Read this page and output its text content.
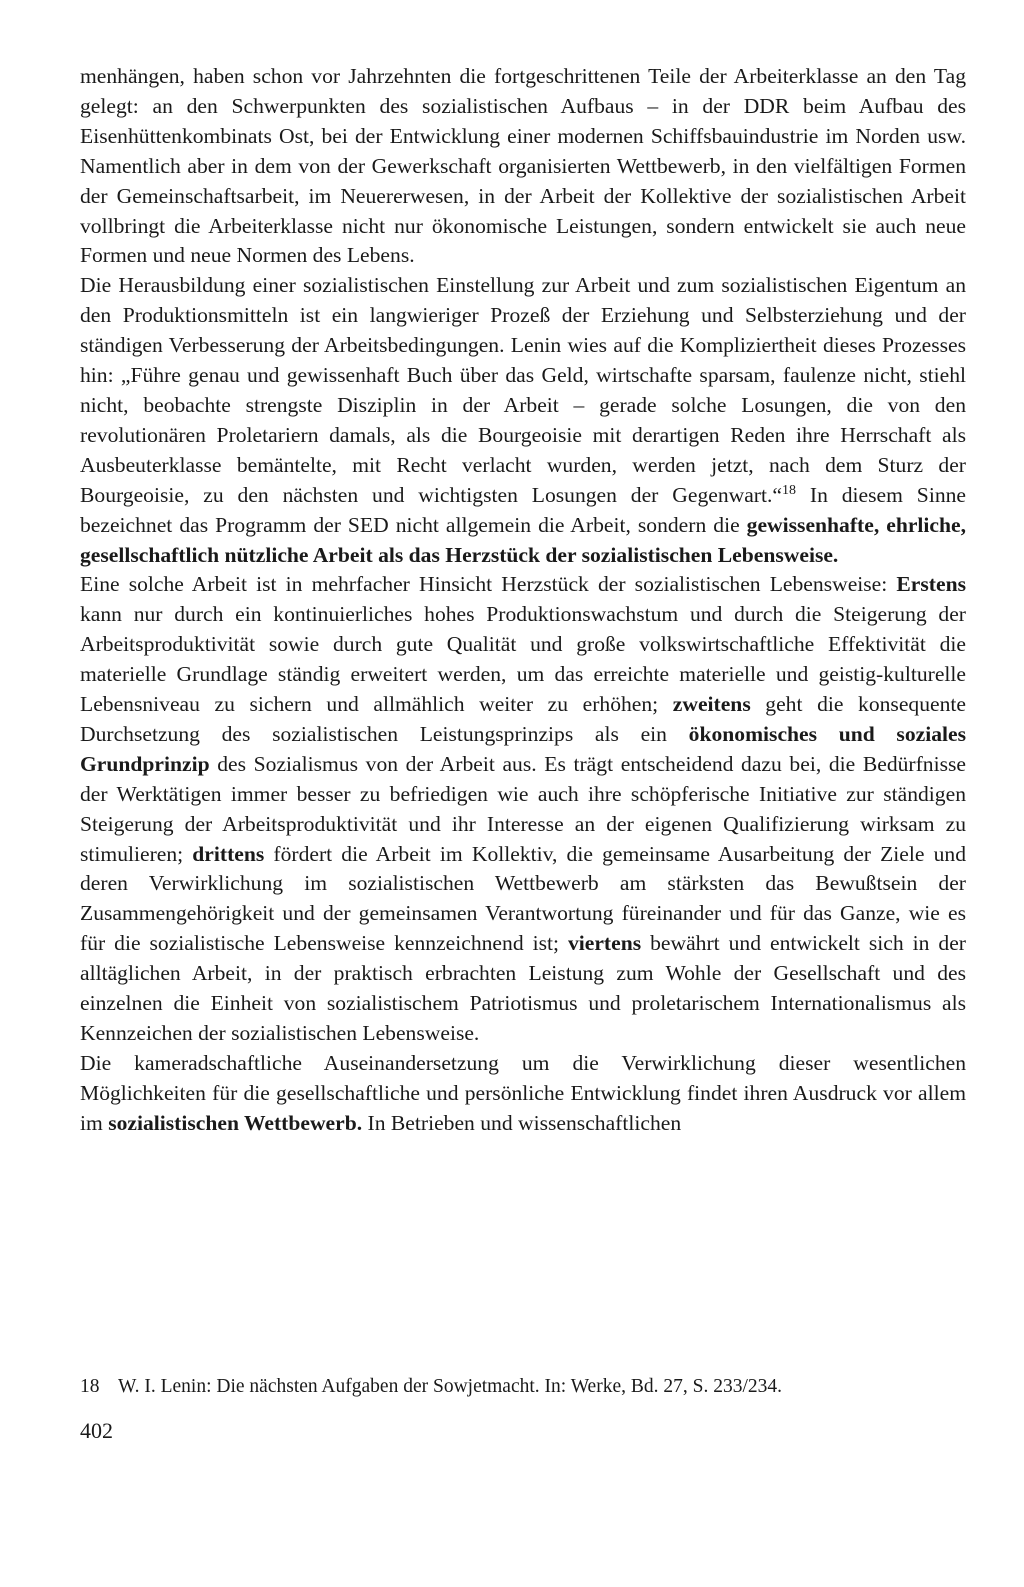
menhängen, haben schon vor Jahrzehnten die fortgeschrittenen Teile der Arbeiterklasse an den Tag gelegt: an den Schwerpunkten des sozialistischen Aufbaus – in der DDR beim Aufbau des Eisenhüttenkombinats Ost, bei der Entwicklung einer modernen Schiffsbauindustrie im Norden usw. Namentlich aber in dem von der Gewerkschaft organisierten Wettbewerb, in den vielfältigen Formen der Gemeinschaftsarbeit, im Neuererwesen, in der Arbeit der Kollektive der sozialistischen Arbeit vollbringt die Arbeiterklasse nicht nur ökonomische Leistungen, sondern entwickelt sie auch neue Formen und neue Normen des Lebens.

Die Herausbildung einer sozialistischen Einstellung zur Arbeit und zum sozialistischen Eigentum an den Produktionsmitteln ist ein langwieriger Prozeß der Erziehung und Selbsterziehung und der ständigen Verbesserung der Arbeitsbedingungen. Lenin wies auf die Kompliziertheit dieses Prozesses hin: „Führe genau und gewissenhaft Buch über das Geld, wirtschafte sparsam, faulenze nicht, stiehl nicht, beobachte strengste Disziplin in der Arbeit – gerade solche Losungen, die von den revolutionären Proletariern damals, als die Bourgeoisie mit derartigen Reden ihre Herrschaft als Ausbeuterklasse bemäntelte, mit Recht verlacht wurden, werden jetzt, nach dem Sturz der Bourgeoisie, zu den nächsten und wichtigsten Losungen der Gegenwart.“$^{18}$ In diesem Sinne bezeichnet das Programm der SED nicht allgemein die Arbeit, sondern die gewissenhafte, ehrliche, gesellschaftlich nützliche Arbeit als das Herzstück der sozialistischen Lebensweise.

Eine solche Arbeit ist in mehrfacher Hinsicht Herzstück der sozialistischen Lebensweise: Erstens kann nur durch ein kontinuierliches hohes Produktionswachstum und durch die Steigerung der Arbeitsproduktivität sowie durch gute Qualität und große volkswirtschaftliche Effektivität die materielle Grundlage ständig erweitert werden, um das erreichte materielle und geistig-kulturelle Lebensniveau zu sichern und allmählich weiter zu erhöhen; zweitens geht die konsequente Durchsetzung des sozialistischen Leistungsprinzips als ein ökonomisches und soziales Grundprinzip des Sozialismus von der Arbeit aus. Es trägt entscheidend dazu bei, die Bedürfnisse der Werktätigen immer besser zu befriedigen wie auch ihre schöpferische Initiative zur ständigen Steigerung der Arbeitsproduktivität und ihr Interesse an der eigenen Qualifizierung wirksam zu stimulieren; drittens fördert die Arbeit im Kollektiv, die gemeinsame Ausarbeitung der Ziele und deren Verwirklichung im sozialistischen Wettbewerb am stärksten das Bewußtsein der Zusammengehörigkeit und der gemeinsamen Verantwortung füreinander und für das Ganze, wie es für die sozialistische Lebensweise kennzeichnend ist; viertens bewährt und entwickelt sich in der alltäglichen Arbeit, in der praktisch erbrachten Leistung zum Wohle der Gesellschaft und des einzelnen die Einheit von sozialistischem Patriotismus und proletarischem Internationalismus als Kennzeichen der sozialistischen Lebensweise.

Die kameradschaftliche Auseinandersetzung um die Verwirklichung dieser wesentlichen Möglichkeiten für die gesellschaftliche und persönliche Entwicklung findet ihren Ausdruck vor allem im sozialistischen Wettbewerb. In Betrieben und wissenschaftlichen

18 W. I. Lenin: Die nächsten Aufgaben der Sowjetmacht. In: Werke, Bd. 27, S. 233/234.

402
